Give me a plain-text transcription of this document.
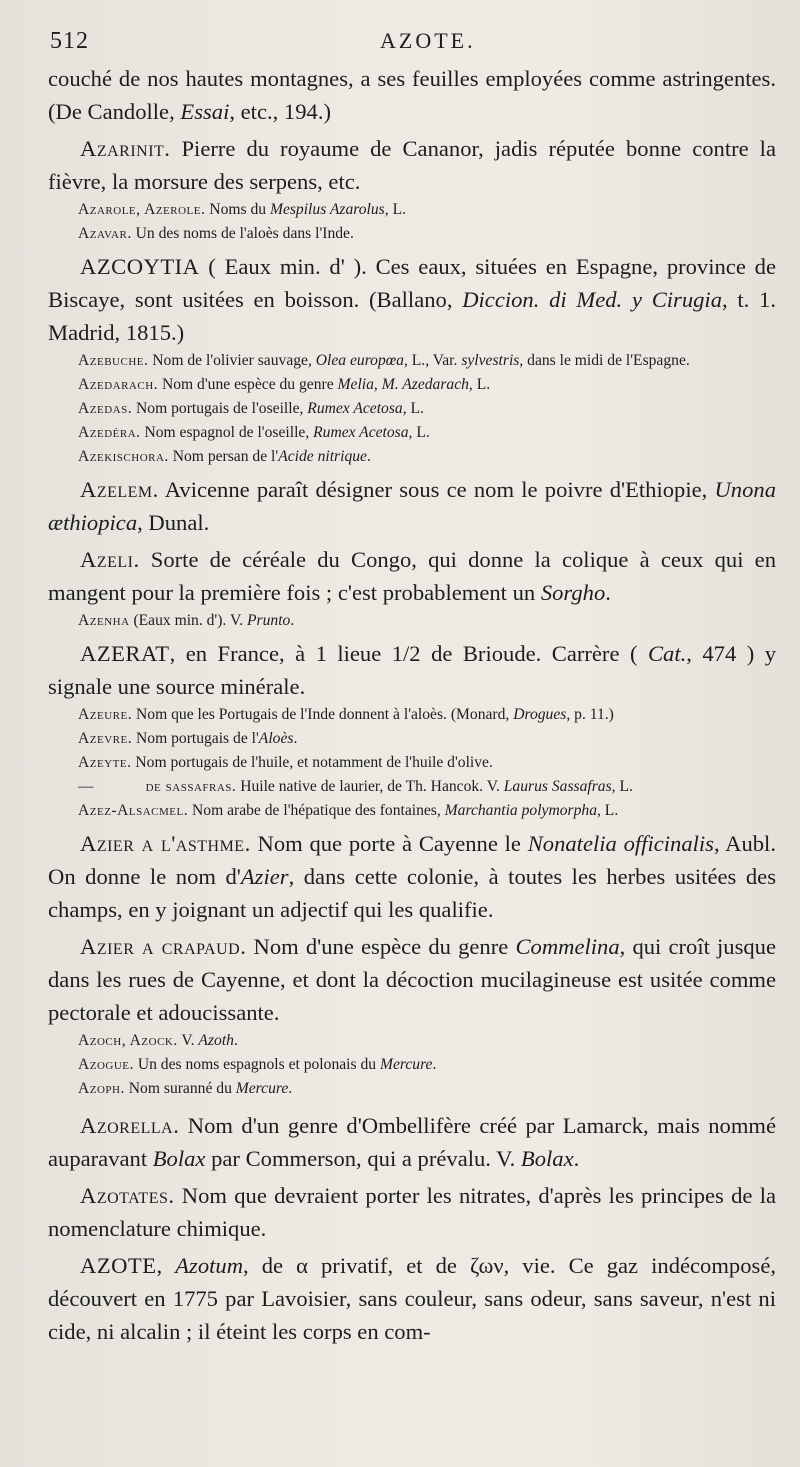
512	AZOTE.

couché de nos hautes montagnes, a ses feuilles employées comme astringentes. (De Candolle, Essai, etc., 194.)

Azarinit. Pierre du royaume de Cananor, jadis réputée bonne contre la fièvre, la morsure des serpens, etc.

Azarole, Azerole. Noms du Mespilus Azarolus, L.

Azavar. Un des noms de l'aloès dans l'Inde.

AZCOYTIA ( Eaux min. d' ). Ces eaux, situées en Espagne, province de Biscaye, sont usitées en boisson. (Ballano, Diccion. di Med. y Cirugia, t. 1. Madrid, 1815.)

Azebuche. Nom de l'olivier sauvage, Olea europœa, L., Var. sylvestris, dans le midi de l'Espagne.

Azedarach. Nom d'une espèce du genre Melia, M. Azedarach, L.

Azedas. Nom portugais de l'oseille, Rumex Acetosa, L.

Azedéra. Nom espagnol de l'oseille, Rumex Acetosa, L.

Azekischora. Nom persan de l'Acide nitrique.

Azelem. Avicenne paraît désigner sous ce nom le poivre d'Ethiopie, Unona æthiopica, Dunal.

Azeli. Sorte de céréale du Congo, qui donne la colique à ceux qui en mangent pour la première fois ; c'est probablement un Sorgho.

Azenha (Eaux min. d'). V. Prunto.

AZERAT, en France, à 1 lieue 1/2 de Brioude. Carrère ( Cat., 474 ) y signale une source minérale.

Azeure. Nom que les Portugais de l'Inde donnent à l'aloès. (Monard, Drogues, p. 11.)

Azevre. Nom portugais de l'Aloès.

Azeyte. Nom portugais de l'huile, et notamment de l'huile d'olive.

—	de sassafras. Huile native de laurier, de Th. Hancok. V. Laurus Sassafras, L.

Azez-Alsacmel. Nom arabe de l'hépatique des fontaines, Marchantia polymorpha, L.

Azier a l'asthme. Nom que porte à Cayenne le Nonatelia officinalis, Aubl. On donne le nom d'Azier, dans cette colonie, à toutes les herbes usitées des champs, en y joignant un adjectif qui les qualifie.

Azier a crapaud. Nom d'une espèce du genre Commelina, qui croît jusque dans les rues de Cayenne, et dont la décoction mucilagineuse est usitée comme pectorale et adoucissante.

Azoch, Azock. V. Azoth.

Azogue. Un des noms espagnols et polonais du Mercure.

Azoph. Nom suranné du Mercure.

Azorella. Nom d'un genre d'Ombellifère créé par Lamarck, mais nommé auparavant Bolax par Commerson, qui a prévalu. V. Bolax.

Azotates. Nom que devraient porter les nitrates, d'après les principes de la nomenclature chimique.

AZOTE, Azotum, de α privatif, et de ζων, vie. Ce gaz indécomposé, découvert en 1775 par Lavoisier, sans couleur, sans odeur, sans saveur, n'est ni cide, ni alcalin ; il éteint les corps en com-
